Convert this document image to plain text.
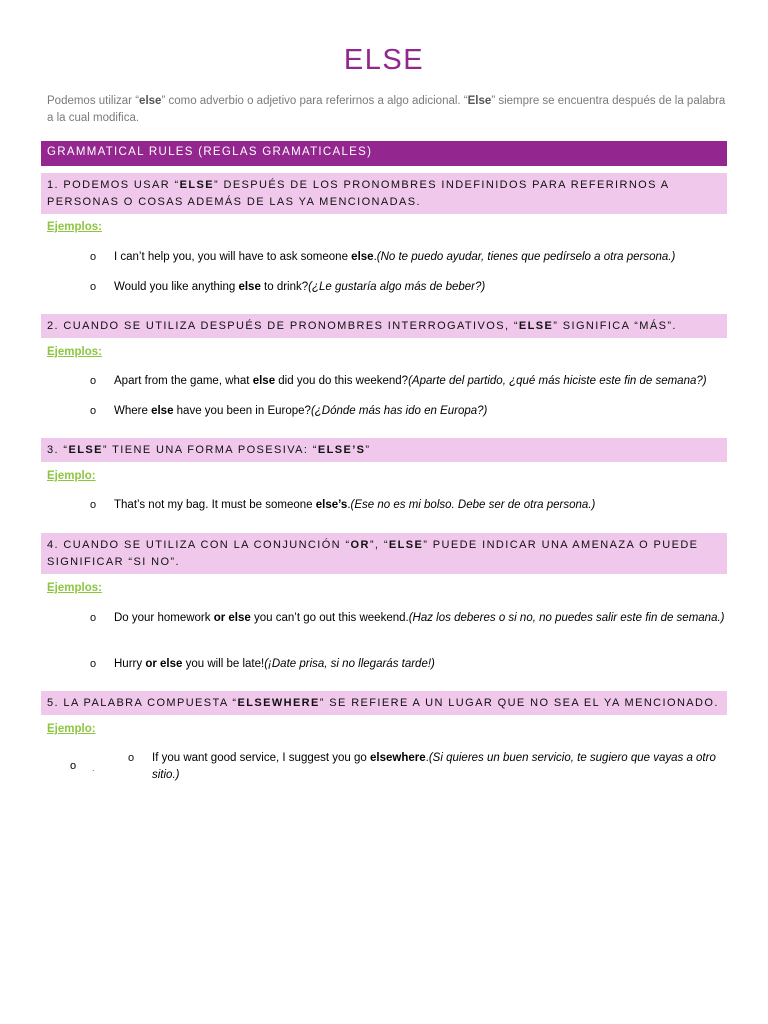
ELSE
Podemos utilizar “else” como adverbio o adjetivo para referirnos a algo adicional. “Else” siempre se encuentra después de la palabra a la cual modifica.
GRAMMATICAL RULES (REGLAS GRAMATICALES)
1. PODEMOS USAR “ELSE” DESPUÉS DE LOS PRONOMBRES INDEFINIDOS PARA REFERIRNOS A PERSONAS O COSAS ADEMÁS DE LAS YA MENCIONADAS.
Ejemplos:
o I can’t help you, you will have to ask someone else.(No te puedo ayudar, tienes que pedírselo a otra persona.)
o Would you like anything else to drink?(¿Le gustaría algo más de beber?)
2. CUANDO SE UTILIZA DESPUÉS DE PRONOMBRES INTERROGATIVOS, “ELSE” SIGNIFICA “MÁS”.
Ejemplos:
o Apart from the game, what else did you do this weekend?(Aparte del partido, ¿qué más hiciste este fin de semana?)
o Where else have you been in Europe?(¿Dónde más has ido en Europa?)
3. “ELSE” TIENE UNA FORMA POSESIVA: “ELSE’S”
Ejemplo:
o That’s not my bag. It must be someone else’s.(Ese no es mi bolso. Debe ser de otra persona.)
4. CUANDO SE UTILIZA CON LA CONJUNCIÓN “OR”, “ELSE” PUEDE INDICAR UNA AMENAZA O PUEDE SIGNIFICAR “SI NO”.
Ejemplos:
o Do your homework or else you can’t go out this weekend.(Haz los deberes o si no, no puedes salir este fin de semana.)
o Hurry or else you will be late!(¡Date prisa, si no llegarás tarde!)
5. LA PALABRA COMPUESTA “ELSEWHERE” SE REFIERE A UN LUGAR QUE NO SEA EL YA MENCIONADO.
Ejemplo:
o .
o If you want good service, I suggest you go elsewhere.(Si quieres un buen servicio, te sugiero que vayas a otro sitio.)
